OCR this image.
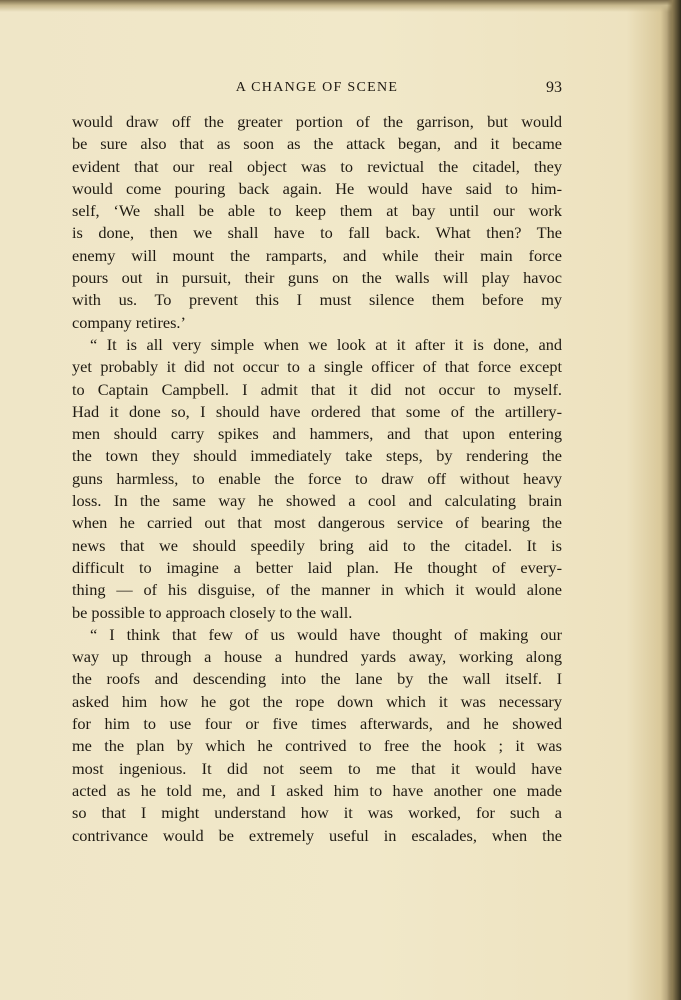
A CHANGE OF SCENE	93
would draw off the greater portion of the garrison, but would
be sure also that as soon as the attack began, and it became
evident that our real object was to revictual the citadel, they
would come pouring back again. He would have said to him-
self, ‘We shall be able to keep them at bay until our work
is done, then we shall have to fall back. What then? The
enemy will mount the ramparts, and while their main force
pours out in pursuit, their guns on the walls will play havoc
with us. To prevent this I must silence them before my
company retires.’
“ It is all very simple when we look at it after it is done, and
yet probably it did not occur to a single officer of that force except
to Captain Campbell. I admit that it did not occur to myself.
Had it done so, I should have ordered that some of the artillery-
men should carry spikes and hammers, and that upon entering
the town they should immediately take steps, by rendering the
guns harmless, to enable the force to draw off without heavy
loss. In the same way he showed a cool and calculating brain
when he carried out that most dangerous service of bearing the
news that we should speedily bring aid to the citadel. It is
difficult to imagine a better laid plan. He thought of every-
thing — of his disguise, of the manner in which it would alone
be possible to approach closely to the wall.
“ I think that few of us would have thought of making our
way up through a house a hundred yards away, working along
the roofs and descending into the lane by the wall itself. I
asked him how he got the rope down which it was necessary
for him to use four or five times afterwards, and he showed
me the plan by which he contrived to free the hook ; it was
most ingenious. It did not seem to me that it would have
acted as he told me, and I asked him to have another one made
so that I might understand how it was worked, for such a
contrivance would be extremely useful in escalades, when the
